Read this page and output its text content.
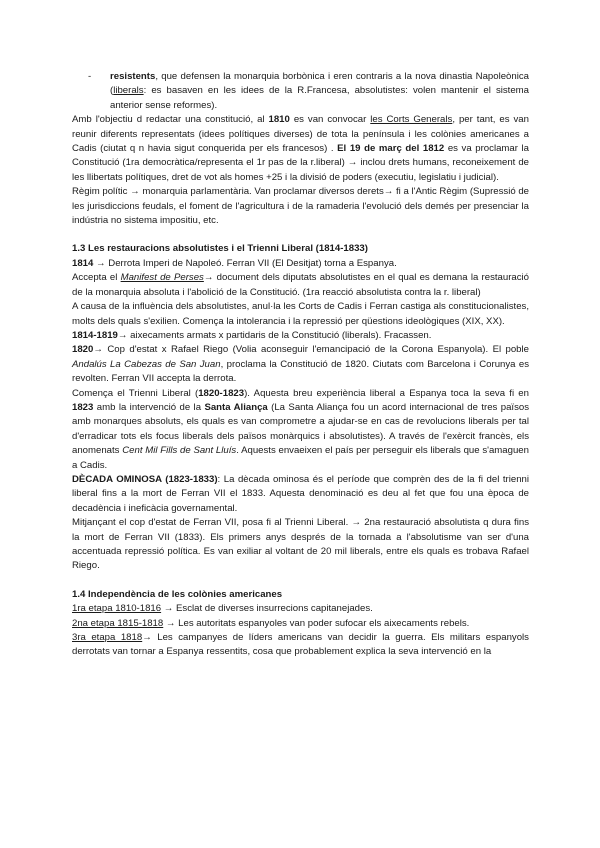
- resistents, que defensen la monarquia borbònica i eren contraris a la nova dinastia Napoleònica (liberals: es basaven en les idees de la R.Francesa, absolutistes: volen mantenir el sistema anterior sense reformes).

Amb l'objectiu d redactar una constitució, al 1810 es van convocar les Corts Generals, per tant, es van reunir diferents representats (idees polítiques diverses) de tota la península i les colònies americanes a Cadis (ciutat q n havia sigut conquerida per els francesos) . El 19 de març del 1812 es va proclamar la Constitució (1ra democràtica/representa el 1r pas de la r.liberal) → inclou drets humans, reconeixement de les llibertats polítiques, dret de vot als homes +25 i la divisió de poders (executiu, legislatiu i judicial).

Règim polític → monarquia parlamentària. Van proclamar diversos derets→ fi a l'Antic Règim (Supressió de les jurisdiccions feudals, el foment de l'agricultura i de la ramaderia l'evolució dels demés per presenciar la indústria no sistema impositiu, etc.

1.3 Les restauracions absolutistes i el Trienni Liberal (1814-1833)

1814 → Derrota Imperi de Napoleó. Ferran VII (El Desitjat) torna a Espanya.

Accepta el Manifest de Perses→ document dels diputats absolutistes en el qual es demana la restauració de la monarquia absoluta i l'abolició de la Constitució. (1ra reacció absolutista contra la r. liberal)

A causa de la influència dels absolutistes, anul·la les Corts de Cadis i Ferran castiga als constitucionalistes, molts dels quals s'exilien. Comença la intolerancia i la repressió per qüestions ideològiques (XIX, XX).

1814-1819→ aixecaments armats x partidaris de la Constitució (liberals). Fracassen.

1820→ Cop d'estat x Rafael Riego (Volia aconseguir l'emancipació de la Corona Espanyola). El poble Andalús La Cabezas de San Juan, proclama la Constitució de 1820. Ciutats com Barcelona i Corunya es revolten. Ferran VII accepta la derrota.

Comença el Trienni Liberal (1820-1823). Aquesta breu experiència liberal a Espanya toca la seva fi en 1823 amb la intervenció de la Santa Aliança (La Santa Aliança fou un acord internacional de tres països amb monarques absoluts, els quals es van comprometre a ajudar-se en cas de revolucions liberals per tal d'erradicar tots els focus liberals dels països monàrquics i absolutistes). A través de l'exèrcit francès, els anomenats Cent Mil Fills de Sant Lluís. Aquests envaeixen el país per perseguir els liberals que s'amaguen a Cadis.

DÈCADA OMINOSA (1823-1833): La dècada ominosa és el període que comprèn des de la fi del trienni liberal fins a la mort de Ferran VII el 1833. Aquesta denominació es deu al fet que fou una època de decadència i ineficàcia governamental.

Mitjançant el cop d'estat de Ferran VII, posa fi al Trienni Liberal. → 2na restauració absolutista q dura fins la mort de Ferran VII (1833). Els primers anys després de la tornada a l'absolutisme van ser d'una accentuada repressió política. Es van exiliar al voltant de 20 mil liberals, entre els quals es trobava Rafael Riego.

1.4 Independència de les colònies americanes

1ra etapa 1810-1816 → Esclat de diverses insurrecions capitanejades.

2na etapa 1815-1818 → Les autoritats espanyoles van poder sufocar els aixecaments rebels.

3ra etapa 1818→ Les campanyes de líders americans van decidir la guerra. Els militars espanyols derrotats van tornar a Espanya ressentits, cosa que probablement explica la seva intervenció en la
